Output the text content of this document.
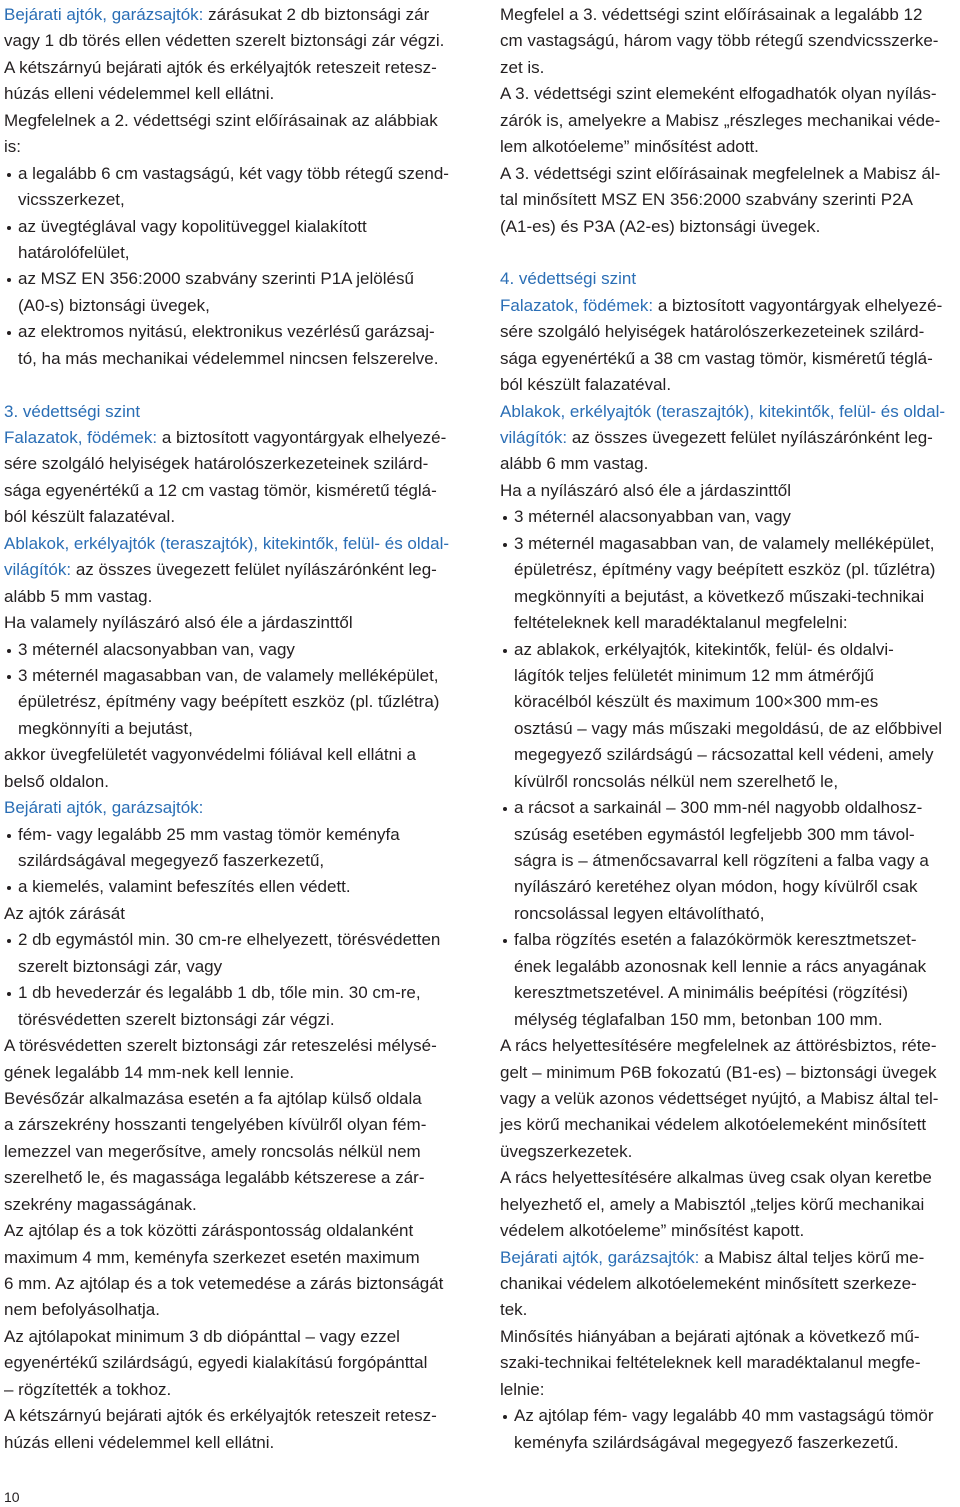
Bejárati ajtók, garázsajtók: zárásukat 2 db biztonsági zár
vagy 1 db törés ellen védetten szerelt biztonsági zár végzi.
A kétszárnyú bejárati ajtók és erkélyajtók reteszeit retesz-
húzás elleni védelemmel kell ellátni.
Megfelelnek a 2. védettségi szint előírásainak az alábbiak
is:
a legalább 6 cm vastagságú, két vagy több rétegű szend-
vicsszerkezet,
az üvegtéglával vagy kopolitüveggel kialakított
határolófelület,
az MSZ EN 356:2000 szabvány szerinti P1A jelölésű
(A0-s) biztonsági üvegek,
az elektromos nyitású, elektronikus vezérlésű garázsaj-
tó, ha más mechanikai védelemmel nincsen felszerelve.
3. védettségi szint
Falazatok, födémek: a biztosított vagyontárgyak elhelyezé-
sére szolgáló helyiségek határolószerkezeteinek szilárd-
sága egyenértékű a 12 cm vastag tömör, kisméretű téglá-
ból készült falazatéval.
Ablakok, erkélyajtók (teraszajtók), kitekintők, felül- és oldal-
világítók: az összes üvegezett felület nyílászárónként leg-
alább 5 mm vastag.
Ha valamely nyílászáró alsó éle a járdaszinttől
3 méternél alacsonyabban van, vagy
3 méternél magasabban van, de valamely melléképület,
épületrész, építmény vagy beépített eszköz (pl. tűzlétra)
megkönnyíti a bejutást,
akkor üvegfelületét vagyonvédelmi fóliával kell ellátni a
belső oldalon.
Bejárati ajtók, garázsajtók:
fém- vagy legalább 25 mm vastag tömör keményfa
szilárdságával megegyező faszerkezetű,
a kiemelés, valamint befeszítés ellen védett.
Az ajtók zárását
2 db egymástól min. 30 cm-re elhelyezett, törésvédetten
szerelt biztonsági zár, vagy
1 db hevederzár és legalább 1 db, tőle min. 30 cm-re,
törésvédetten szerelt biztonsági zár végzi.
A törésvédetten szerelt biztonsági zár reteszelési mélysé-
gének legalább 14 mm-nek kell lennie.
Bevésőzár alkalmazása esetén a fa ajtólap külső oldala
a zárszekrény hosszanti tengelyében kívülről olyan fém-
lemezzel van megerősítve, amely roncsolás nélkül nem
szerelhető le, és magassága legalább kétszerese a zár-
szekrény magasságának.
Az ajtólap és a tok közötti záráspontosság oldalanként
maximum 4 mm, keményfa szerkezet esetén maximum
6 mm. Az ajtólap és a tok vetemedése a zárás biztonságát
nem befolyásolhatja.
Az ajtólapokat minimum 3 db diópánttal – vagy ezzel
egyenértékű szilárdságú, egyedi kialakítású forgópánttal
– rögzítették a tokhoz.
A kétszárnyú bejárati ajtók és erkélyajtók reteszeit retesz-
húzás elleni védelemmel kell ellátni.
Megfelel a 3. védettségi szint előírásainak a legalább 12
cm vastagságú, három vagy több rétegű szendvicsszerke-
zet is.
A 3. védettségi szint elemeként elfogadhatók olyan nyílás-
zárók is, amelyekre a Mabisz „részleges mechanikai véde-
lem alkotóeleme” minősítést adott.
A 3. védettségi szint előírásainak megfelelnek a Mabisz ál-
tal minősített MSZ EN 356:2000 szabvány szerinti P2A
(A1-es) és P3A (A2-es) biztonsági üvegek.
4. védettségi szint
Falazatok, födémek: a biztosított vagyontárgyak elhelyezé-
sére szolgáló helyiségek határolószerkezeteinek szilárd-
sága egyenértékű a 38 cm vastag tömör, kisméretű téglá-
ból készült falazatéval.
Ablakok, erkélyajtók (teraszajtók), kitekintők, felül- és oldal-
világítók: az összes üvegezett felület nyílászárónként leg-
alább 6 mm vastag.
Ha a nyílászáró alsó éle a járdaszinttől
3 méternél alacsonyabban van, vagy
3 méternél magasabban van, de valamely melléképület,
épületrész, építmény vagy beépített eszköz (pl. tűzlétra)
megkönnyíti a bejutást, a következő műszaki-technikai
feltételeknek kell maradéktalanul megfelelni:
az ablakok, erkélyajtók, kitekintők, felül- és oldalvi-
lágítók teljes felületét minimum 12 mm átmérőjű
köracélból készült és maximum 100×300 mm-es
osztású – vagy más műszaki megoldású, de az előbbivel
megegyező szilárdságú – rácsozattal kell védeni, amely
kívülről roncsolás nélkül nem szerelhető le,
a rácsot a sarkainál – 300 mm-nél nagyobb oldalhosz-
szúság esetében egymástól legfeljebb 300 mm távol-
ságra is – átmenőcsavarral kell rögzíteni a falba vagy a
nyílászáró keretéhez olyan módon, hogy kívülről csak
roncsolással legyen eltávolítható,
falba rögzítés esetén a falazókörmök keresztmetszet-
ének legalább azonosnak kell lennie a rács anyagának
keresztmetszetével. A minimális beépítési (rögzítési)
mélység téglafalban 150 mm, betonban 100 mm.
A rács helyettesítésére megfelelnek az áttörésbiztos, réte-
gelt – minimum P6B fokozatú (B1-es) – biztonsági üvegek
vagy a velük azonos védettséget nyújtó, a Mabisz által tel-
jes körű mechanikai védelem alkotóelemeként minősített
üvegszerkezetek.
A rács helyettesítésére alkalmas üveg csak olyan keretbe
helyezhető el, amely a Mabisztól „teljes körű mechanikai
védelem alkotóeleme” minősítést kapott.
Bejárati ajtók, garázsajtók: a Mabisz által teljes körű me-
chanikai védelem alkotóelemeként minősített szerkeze-
tek.
Minősítés hiányában a bejárati ajtónak a következő mű-
szaki-technikai feltételeknek kell maradéktalanul megfe-
lelnie:
Az ajtólap fém- vagy legalább 40 mm vastagságú tömör
keményfa szilárdságával megegyező faszerkezetű.
10
